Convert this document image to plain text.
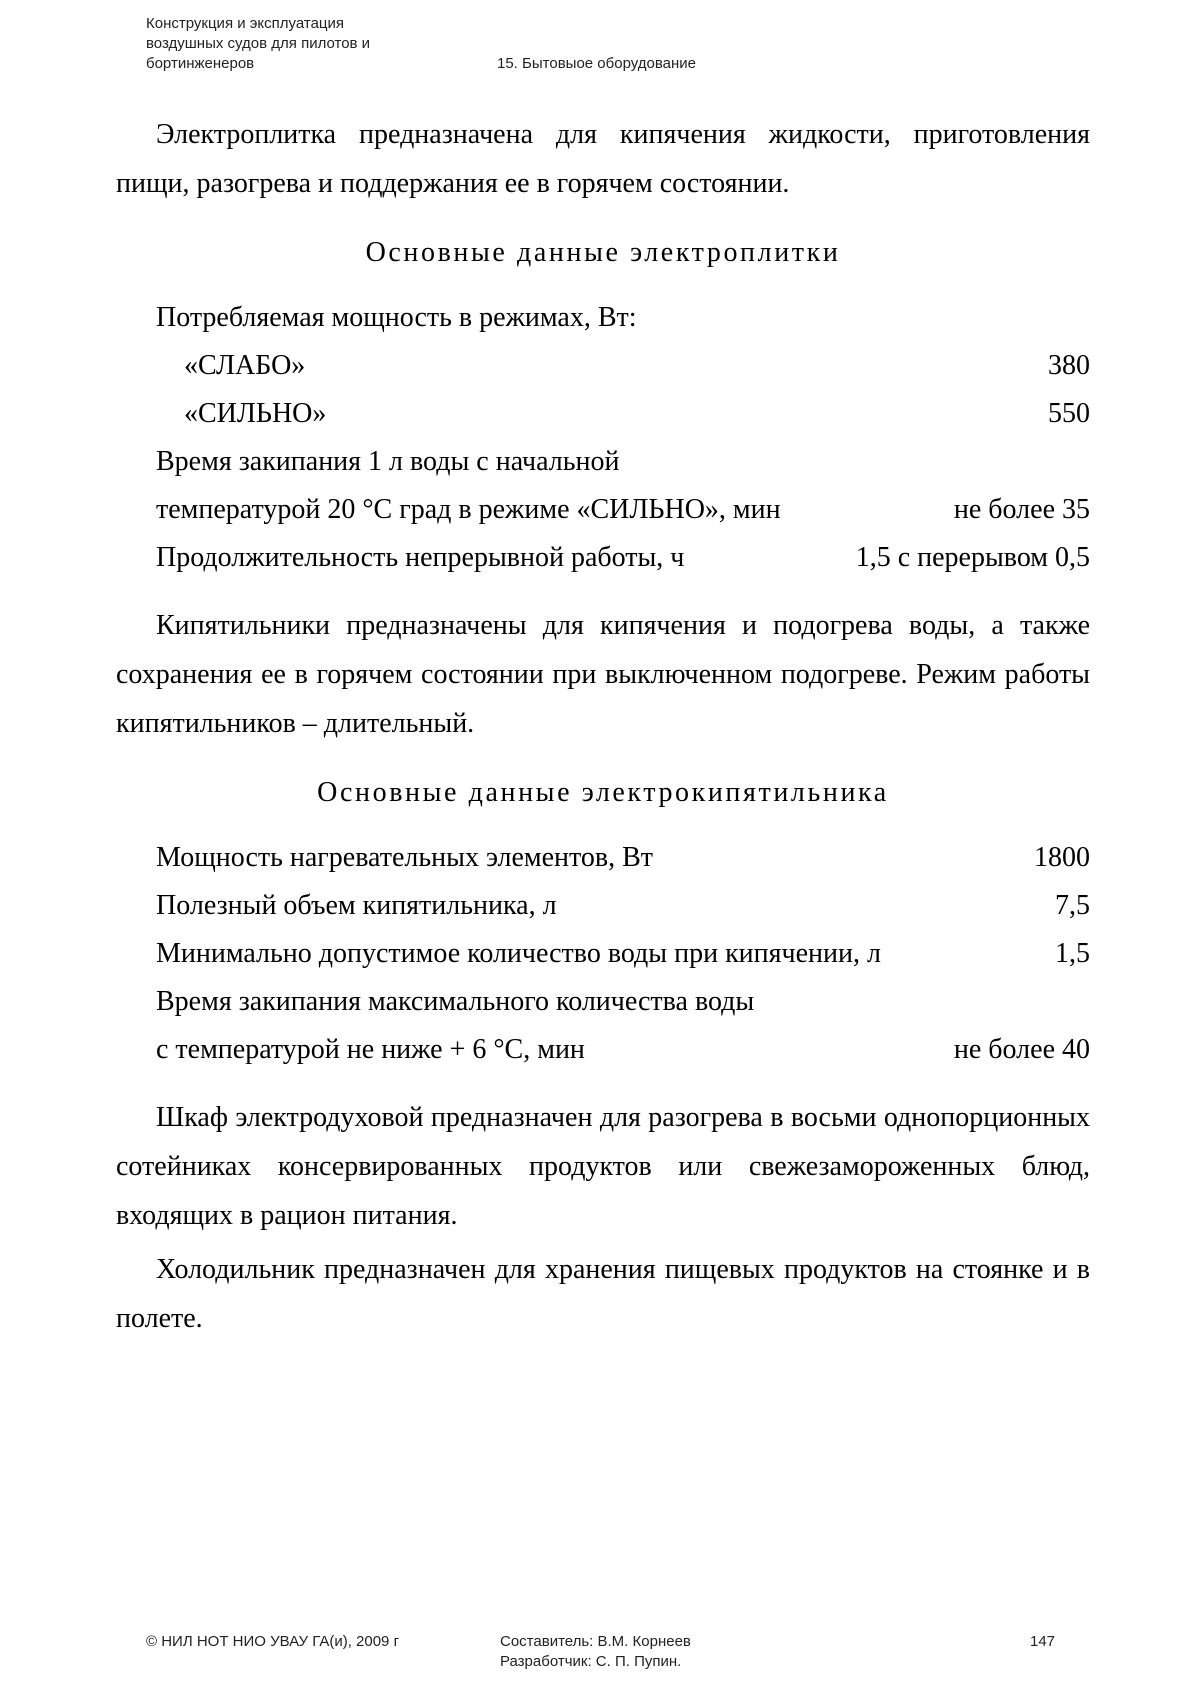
Конструкция и эксплуатация
воздушных судов для пилотов и
бортинженеров	15. Бытовыое оборудование

Электроплитка предназначена для кипячения жидкости, приготовления пищи, разогрева и поддержания ее в горячем состоянии.

Основные данные электроплитки
Потребляемая мощность в режимах, Вт:
«СЛАБО»	380
«СИЛЬНО»	550
Время закипания 1 л воды с начальной
температурой 20 °С град в режиме «СИЛЬНО», мин	не более 35
Продолжительность непрерывной работы, ч	1,5 с перерывом 0,5

Кипятильники предназначены для кипячения и подогрева воды, а также сохранения ее в горячем состоянии при выключенном подогреве. Режим работы кипятильников – длительный.

Основные данные электрокипятильника
Мощность нагревательных элементов, Вт	1800
Полезный объем кипятильника, л	7,5
Минимально допустимое количество воды при кипячении, л	1,5
Время закипания максимального количества воды
с температурой не ниже + 6 °С, мин	не более 40

Шкаф электродуховой предназначен для разогрева в восьми однопорционных сотейниках консервированных продуктов или свежезамороженных блюд, входящих в рацион питания.

Холодильник предназначен для хранения пищевых продуктов на стоянке и в полете.

© НИЛ НОТ НИО УВАУ ГА(и), 2009 г	Составитель: В.М. Корнеев
Разработчик: С. П. Пупин.
147
